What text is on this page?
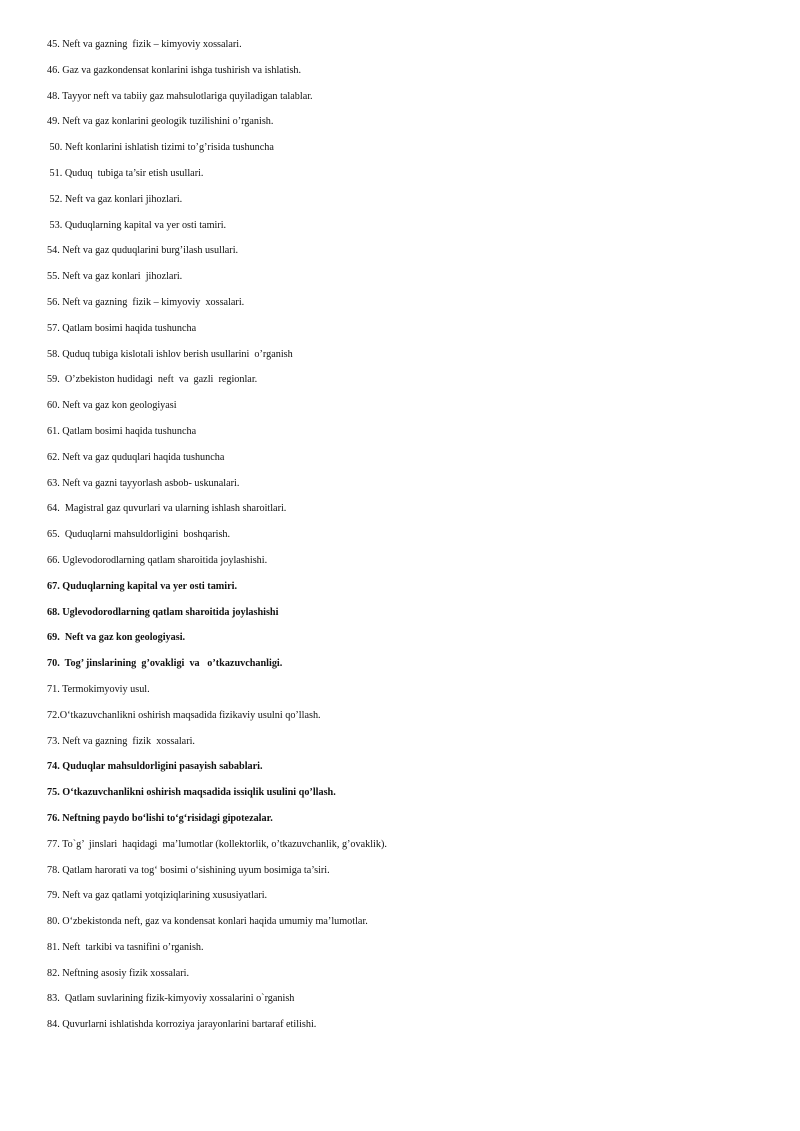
45. Neft va gazning  fizik – kimyoviy xossalari.
46. Gaz va gazkondensat konlarini ishga tushirish va ishlatish.
48. Tayyor neft va tabiiy gaz mahsulotlariga quyiladigan talablar.
49. Neft va gaz konlarini geologik tuzilishini o’rganish.
50. Neft konlarini ishlatish tizimi to’g’risida tushuncha
51. Quduq  tubiga ta’sir etish usullari.
52. Neft va gaz konlari jihozlari.
53. Quduqlarning kapital va yer osti tamiri.
54. Neft va gaz quduqlarini burg’ilash usullari.
55. Neft va gaz konlari  jihozlari.
56. Neft va gazning  fizik – kimyoviy  xossalari.
57. Qatlam bosimi haqida tushuncha
58. Quduq tubiga kislotali ishlov berish usullarini  o’rganish
59.  O’zbekiston hudidagi  neft  va  gazli  regionlar.
60. Neft va gaz kon geologiyasi
61. Qatlam bosimi haqida tushuncha
62. Neft va gaz quduqlari haqida tushuncha
63. Neft va gazni tayyorlash asbob- uskunalari.
64.  Magistral gaz quvurlari va ularning ishlash sharoitlari.
65.  Quduqlarni mahsuldorligini  boshqarish.
66. Uglevodorodlarning qatlam sharoitida joylashishi.
67. Quduqlarning kapital va yer osti tamiri.
68. Uglevodorodlarning qatlam sharoitida joylashishi
69.  Neft va gaz kon geologiyasi.
70.  Tog’ jinslarining  g’ovakligi  va   o’tkazuvchanligi.
71. Termokimyoviy usul.
72.O‘tkazuvchanlikni oshirish maqsadida fizikaviy usulni qo’llash.
73. Neft va gazning  fizik  xossalari.
74. Quduqlar mahsuldorligini pasayish sabablari.
75. O‘tkazuvchanlikni oshirish maqsadida issiqlik usulini qo’llash.
76. Neftning paydo bo‘lishi to‘g‘risidagi gipotezalar.
77. To`g’  jinslari  haqidagi  ma’lumotlar (kollektorlik, o’tkazuvchanlik, g’ovaklik).
78. Qatlam harorati va tog‘ bosimi o‘sishining uyum bosimiga ta’siri.
79. Neft va gaz qatlami yotqiziqlarining xususiyatlari.
80. O‘zbekistonda neft, gaz va kondensat konlari haqida umumiy ma’lumotlar.
81. Neft  tarkibi va tasnifini o’rganish.
82. Neftning asosiy fizik xossalari.
83.  Qatlam suvlarining fizik-kimyoviy xossalarini o`rganish
84. Quvurlarni ishlatishda korroziya jarayonlarini bartaraf etilishi.
